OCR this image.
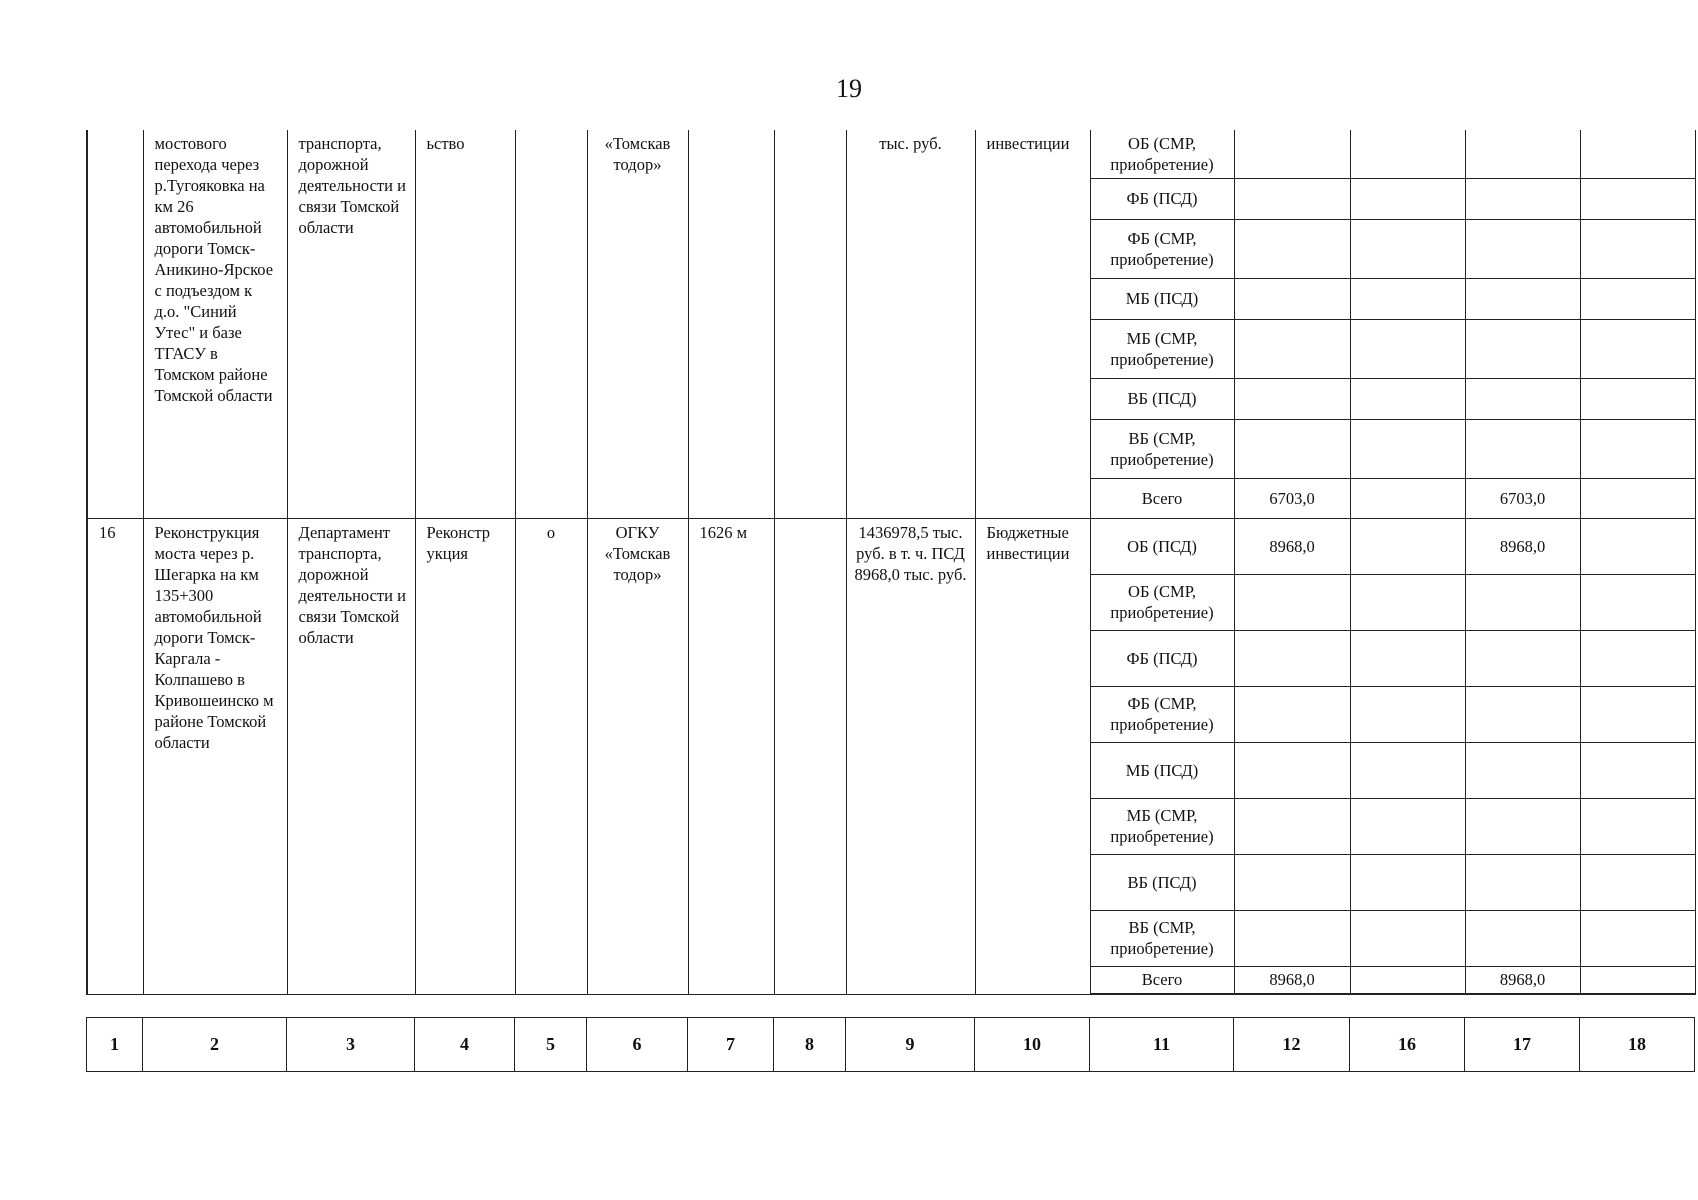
19
	мостового перехода через р.Тугояковка на км 26 автомобильной дороги Томск-Аникино-Ярское с подъездом к д.о. "Синий Утес" и базе ТГАСУ в Томском районе Томской области	транспорта, дорожной деятельности и связи Томской области	ьство		«Томскав тодор»			тыс. руб.	инвестиции	ОБ (СМР, приобретение)				
										ФБ (ПСД)				
										ФБ (СМР, приобретение)				
										МБ (ПСД)				
										МБ (СМР, приобретение)				
										ВБ (ПСД)				
										ВБ (СМР, приобретение)				
										Всего	6703,0		6703,0	
16	Реконструкция моста через р. Шегарка на км 135+300 автомобильной дороги Томск-Каргала - Колпашево в Кривошеинско м районе Томской области	Департамент транспорта, дорожной деятельности и связи Томской области	Реконстр укция	о	ОГКУ «Томскав тодор»	1626 м		1436978,5 тыс. руб. в т. ч. ПСД 8968,0 тыс. руб.	Бюджетные инвестиции	ОБ (ПСД)	8968,0		8968,0	
										ОБ (СМР, приобретение)				
										ФБ (ПСД)				
										ФБ (СМР, приобретение)				
										МБ (ПСД)				
										МБ (СМР, приобретение)				
										ВБ (ПСД)				
										ВБ (СМР, приобретение)				
										Всего	8968,0		8968,0	
1	2	3	4	5	6	7	8	9	10	11	12	16	17	18
